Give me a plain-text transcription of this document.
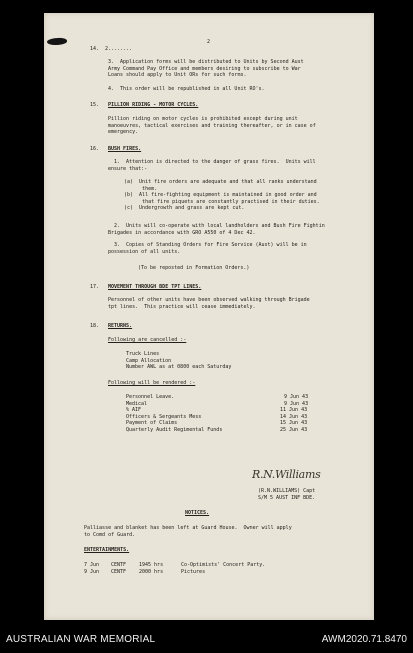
2
14.  2........
3.  Application forms will be distributed to Units by Second Aust
Army Command Pay Office and members desiring to subscribe to War
Loans should apply to Unit ORs for such forms.
4.  This order will be republished in all Unit RO's.
15. PILLION RIDING - MOTOR CYCLES.
Pillion riding on motor cycles is prohibited except during unit
manoeuvres, tactical exercises and training thereafter, or in case of
emergency.
16. BUSH FIRES.
1.  Attention is directed to the danger of grass fires.  Units will
ensure that:-
(a)  Unit fire orders are adequate and that all ranks understand
them.
(b)  All fire-fighting equipment is maintained in good order and
that fire piquets are constantly practised in their duties.
(c)  Undergrowth and grass are kept cut.
2.  Units will co-operate with local landholders and Bush Fire Fightin
Brigades in accordance with GRO A550 of 4 Dec 42.
3.  Copies of Standing Orders for Fire Service (Aust) will be in
possession of all units.
(To be reposted in Formation Orders.)
17. MOVEMENT THROUGH BDE TPT LINES.
Personnel of other units have been observed walking through Brigade
tpt lines.  This practice will cease immediately.
18. RETURNS.
Following are cancelled :-
Truck Lines
Camp Allocation
Number AWL as at 0800 each Saturday
Following will be rendered :-
Personnel Leave.	9 Jun 43
Medical	9 Jun 43
% AIF	11 Jun 43
Officers & Sergeants Mess	14 Jun 43
Payment of Claims	15 Jun 43
Quarterly Audit Regimental Funds	25 Jun 43
R.N.Williams
(R.N.WILLIAMS) Capt
S/M 5 AUST INF BDE.
NOTICES.
Palliasse and blanket has been left at Guard House.  Owner will apply
to Comd of Guard.
ENTERTAINMENTS.
7 Jun CENTF	1945 hrs	Co-Optimists' Concert Party.
9 Jun CENTF	2000 hrs	Pictures
AUSTRALIAN WAR MEMORIAL	AWM2020.71.8470
